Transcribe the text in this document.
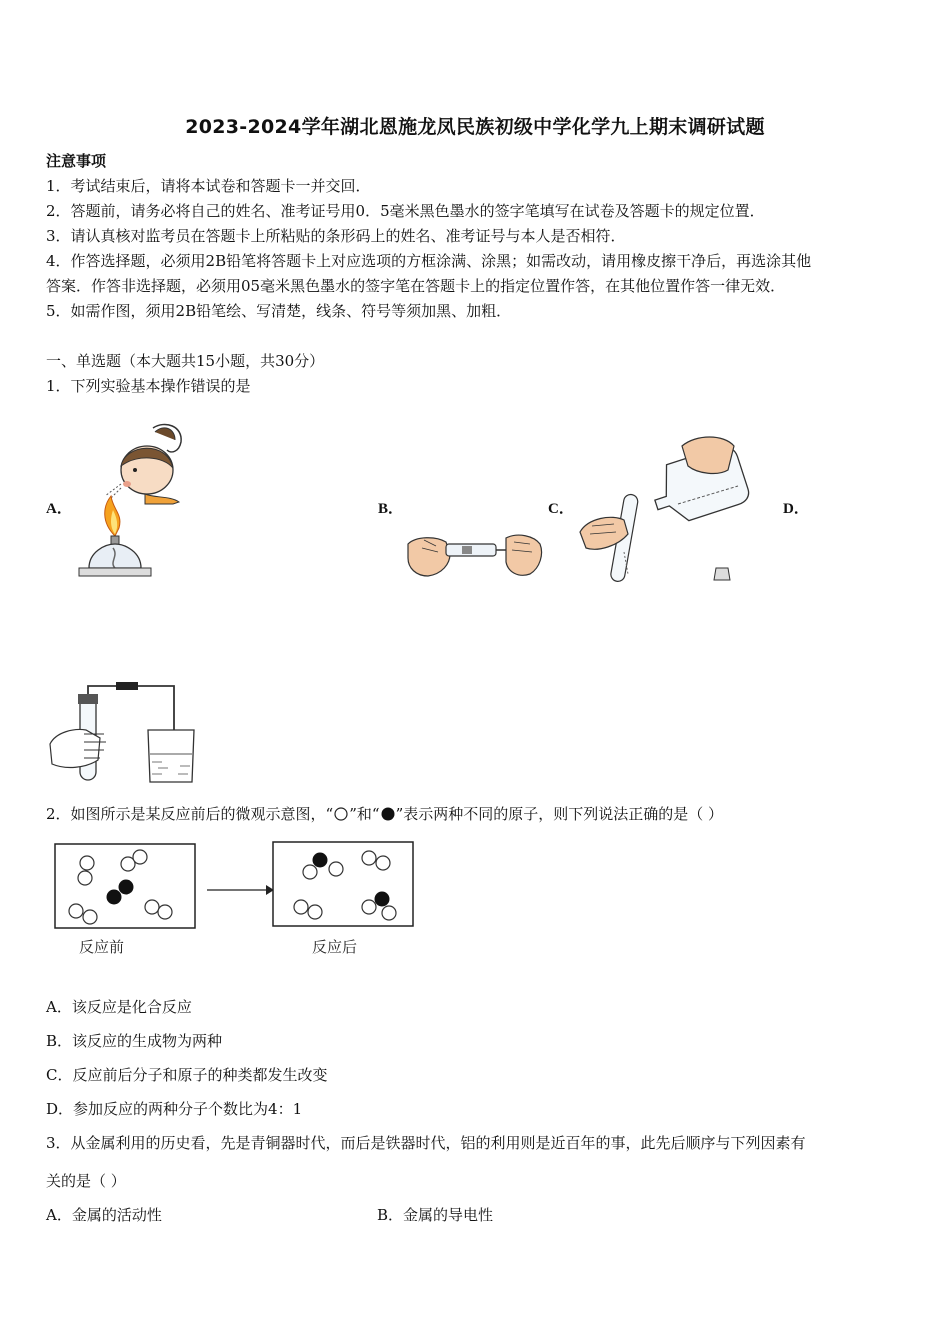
2023-2024学年湖北恩施龙凤民族初级中学化学九上期末调研试题
注意事项
1．考试结束后，请将本试卷和答题卡一并交回．
2．答题前，请务必将自己的姓名、准考证号用0．5毫米黑色墨水的签字笔填写在试卷及答题卡的规定位置．
3．请认真核对监考员在答题卡上所粘贴的条形码上的姓名、准考证号与本人是否相符．
4．作答选择题，必须用2B铅笔将答题卡上对应选项的方框涂满、涂黑；如需改动，请用橡皮擦干净后，再选涂其他
答案．作答非选择题，必须用05毫米黑色墨水的签字笔在答题卡上的指定位置作答，在其他位置作答一律无效．
5．如需作图，须用2B铅笔绘、写清楚，线条、符号等须加黑、加粗．
一、单选题（本大题共15小题，共30分）
1．下列实验基本操作错误的是
A．	B．	C．	D．
2．如图所示是某反应前后的微观示意图，“ ”和“ ”表示两种不同的原子，则下列说法正确的是（ ）
反应前	反应后
A．该反应是化合反应
B．该反应的生成物为两种
C．反应前后分子和原子的种类都发生改变
D．参加反应的两种分子个数比为4：1
3．从金属利用的历史看，先是青铜器时代，而后是铁器时代，铝的利用则是近百年的事，此先后顺序与下列因素有
关的是（ ）
A．金属的活动性	B．金属的导电性
